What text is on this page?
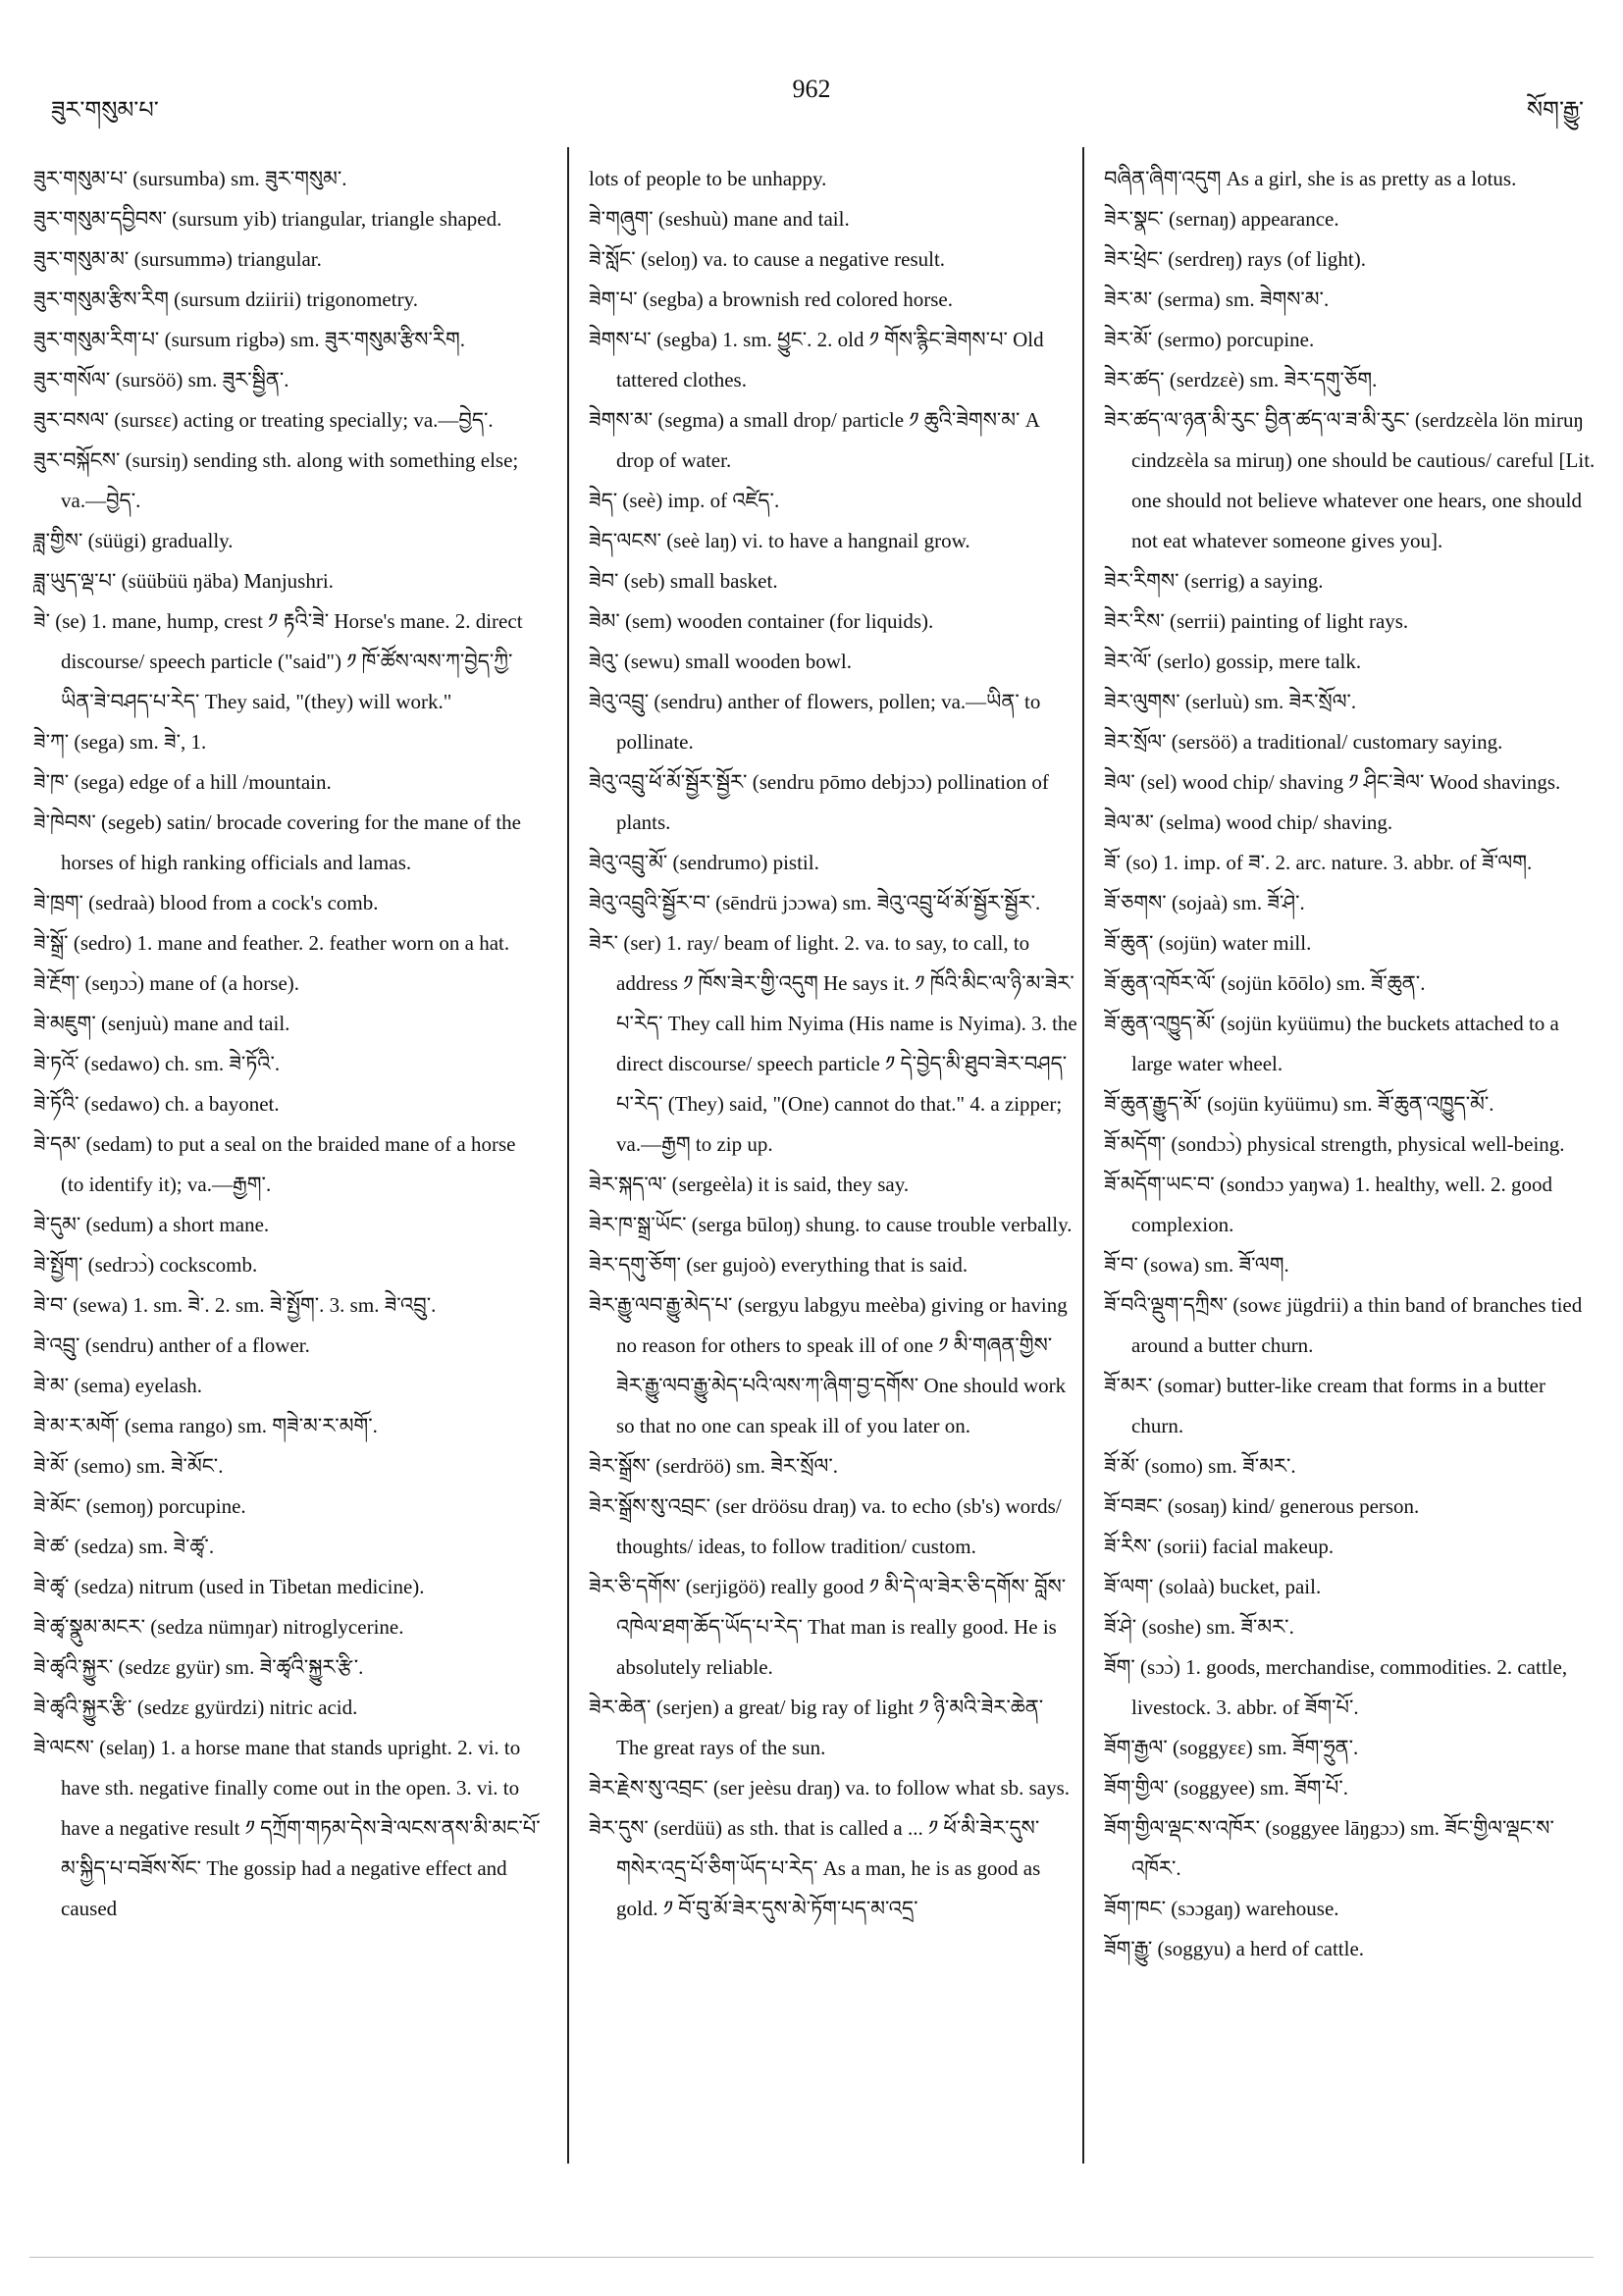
ཟུར་གསུམ་པ་
962
སོག་རྒྱུ་

ཟུར་གསུམ་པ་ (sursumba) sm. ཟུར་གསུམ་.

ཟུར་གསུམ་དབྱིབས་ (sursum yib) triangular, triangle shaped.

ཟུར་གསུམ་མ་ (sursummə) triangular.

ཟུར་གསུམ་རྩིས་རིག (sursum dziirii) trigonometry.

ཟུར་གསུམ་རིག་པ་ (sursum rigbə) sm. ཟུར་གསུམ་རྩིས་རིག.

ཟུར་གསོལ་ (sursöö) sm. ཟུར་སྦྱིན་.

ཟུར་བསལ་ (sursεε) acting or treating specially; va.—བྱེད་.

ཟུར་བསྐོངས་ (sursiŋ) sending sth. along with something else; va.—བྱེད་.

ཟླ་གྱིས་ (süügi) gradually.

ཟླ་ཡུད་ལྡ་པ་ (süübüü ŋäba) Manjushri.

ཟེ་ (se) 1. mane, hump, crest ༡ རྟའི་ཟེ་ Horse's mane. 2. direct discourse/ speech particle ("said") ༡ ཁོ་ཚོས་ལས་ཀ་བྱེད་ཀྱི་ཡིན་ཟེ་བཤད་པ་རེད་ They said, "(they) will work."

ཟེ་ཀ་ (sega) sm. ཟེ་, 1.

ཟེ་ཁ་ (sega) edge of a hill /mountain.

ཟེ་ཁེབས་ (segeb) satin/ brocade covering for the mane of the horses of high ranking officials and lamas.

ཟེ་ཁྲག་ (sedraà) blood from a cock's comb.

ཟེ་སྒྲོ་ (sedro) 1. mane and feather. 2. feather worn on a hat.

ཟེ་རྔོག་ (seŋɔɔ̀) mane of (a horse).

ཟེ་མཇུག་ (senjuù) mane and tail.

ཟེ་ཏའོ་ (sedawo) ch. sm. ཟེ་ཏོའི་.

ཟེ་ཏོའི་ (sedawo) ch. a bayonet.

ཟེ་དམ་ (sedam) to put a seal on the braided mane of a horse (to identify it); va.—རྒྱག་.

ཟེ་དུམ་ (sedum) a short mane.

ཟེ་སྤྱོག་ (sedrɔɔ̀) cockscomb.

ཟེ་བ་ (sewa) 1. sm. ཟེ་. 2. sm. ཟེ་སྤྱོག་. 3. sm. ཟེ་འབྲུ་.

ཟེ་འབྲུ་ (sendru) anther of a flower.

ཟེ་མ་ (sema) eyelash.

ཟེ་མ་ར་མགོ་ (sema rango) sm. གཟེ་མ་ར་མགོ་.

ཟེ་མོ་ (semo) sm. ཟེ་མོང་.

ཟེ་མོང་ (semoŋ) porcupine.

ཟེ་ཚ་ (sedza) sm. ཟེ་ཚྭ་.

ཟེ་ཚྭ་ (sedza) nitrum (used in Tibetan medicine).

ཟེ་ཚྭ་སྣུམ་མངར་ (sedza nümŋar) nitroglycerine.

ཟེ་ཚྭའི་སྐྱུར་ (sedzε gyür) sm. ཟེ་ཚྭའི་སྐྱུར་རྩི་.

ཟེ་ཚྭའི་སྐྱུར་རྩི་ (sedzε gyürdzi) nitric acid.

ཟེ་ལངས་ (selaŋ) 1. a horse mane that stands upright. 2. vi. to have sth. negative finally come out in the open. 3. vi. to have a negative result ༡ དཀྲོག་གཏམ་དེས་ཟེ་ལངས་ནས་མི་མང་པོ་མ་སྐྱིད་པ་བཟོས་སོང་ The gossip had a negative effect and caused

lots of people to be unhappy.

ཟེ་གཞུག་ (seshuù) mane and tail.

ཟེ་སློང་ (seloŋ) va. to cause a negative result.

ཟེག་པ་ (segba) a brownish red colored horse.

ཟེགས་པ་ (segba) 1. sm. ཕྱུང་. 2. old ༡ གོས་རྙིང་ཟེགས་པ་ Old tattered clothes.

ཟེགས་མ་ (segma) a small drop/ particle ༡ ཆུའི་ཟེགས་མ་ A drop of water.

ཟེད་ (seè) imp. of འཛེད་.

ཟེད་ལངས་ (seè laŋ) vi. to have a hangnail grow.

ཟེབ་ (seb) small basket.

ཟེམ་ (sem) wooden container (for liquids).

ཟེའུ་ (sewu) small wooden bowl.

ཟེའུ་འབྲུ་ (sendru) anther of flowers, pollen; va.—ཡིན་ to pollinate.

ཟེའུ་འབྲུ་ཕོ་མོ་སྦྱོར་སྦྱོར་ (sendru pōmo debjɔɔ) pollination of plants.

ཟེའུ་འབྲུ་མོ་ (sendrumo) pistil.

ཟེའུ་འབྲུའི་སྦྱོར་བ་ (sēndrü jɔɔwa) sm. ཟེའུ་འབྲུ་ཕོ་མོ་སྦྱོར་སྦྱོར་.

ཟེར་ (ser) 1. ray/ beam of light. 2. va. to say, to call, to address ༡ ཁོས་ཟེར་གྱི་འདུག He says it. ༡ ཁོའི་མིང་ལ་ཉི་མ་ཟེར་པ་རེད་ They call him Nyima (His name is Nyima). 3. the direct discourse/ speech particle ༡ དེ་བྱེད་མི་ཐུབ་ཟེར་བཤད་པ་རེད་ (They) said, "(One) cannot do that." 4. a zipper; va.—རྒྱག to zip up.

ཟེར་སྐད་ལ་ (sergeèla) it is said, they say.

ཟེར་ཁ་སྒྲ་ཡོང་ (serga būloŋ) shung. to cause trouble verbally.

ཟེར་དགུ་ཅོག་ (ser gujoò) everything that is said.

ཟེར་རྒྱུ་ལབ་རྒྱུ་མེད་པ་ (sergyu labgyu meèba) giving or having no reason for others to speak ill of one ༡ མི་གཞན་གྱིས་ཟེར་རྒྱུ་ལབ་རྒྱུ་མེད་པའི་ལས་ཀ་ཞིག་བྱ་དགོས་ One should work so that no one can speak ill of you later on.

ཟེར་སྒྲོས་ (serdröö) sm. ཟེར་སྲོལ་.

ཟེར་སྒྲོས་སུ་འབྲང་ (ser dröösu draŋ) va. to echo (sb's) words/ thoughts/ ideas, to follow tradition/ custom.

ཟེར་ཅི་དགོས་ (serjigöö) really good ༡ མི་དེ་ལ་ཟེར་ཅི་དགོས་ བློས་འཁེལ་ཐག་ཆོད་ཡོད་པ་རེད་ That man is really good. He is absolutely reliable.

ཟེར་ཆེན་ (serjen) a great/ big ray of light ༡ ཉི་མའི་ཟེར་ཆེན་ The great rays of the sun.

ཟེར་རྗེས་སུ་འབྲང་ (ser jeèsu draŋ) va. to follow what sb. says.

ཟེར་དུས་ (serdüü) as sth. that is called a ... ༡ ཕོ་མི་ཟེར་དུས་གསེར་འདྲ་པོ་ཅིག་ཡོད་པ་རེད་ As a man, he is as good as gold. ༡ བོ་བུ་མོ་ཟེར་དུས་མེ་ཏོག་པད་མ་འདྲ་

བཞིན་ཞིག་འདུག As a girl, she is as pretty as a lotus.

ཟེར་སྣང་ (sernaŋ) appearance.

ཟེར་ཕྲེང་ (serdreŋ) rays (of light).

ཟེར་མ་ (serma) sm. ཟེགས་མ་.

ཟེར་མོ་ (sermo) porcupine.

ཟེར་ཚད་ (serdzεè) sm. ཟེར་དགུ་ཅོག.

ཟེར་ཚད་ལ་ཉན་མི་རུང་ བྱིན་ཚད་ལ་ཟ་མི་རུང་ (serdzεèla lön miruŋ cindzεèla sa miruŋ) one should be cautious/ careful [Lit. one should not believe whatever one hears, one should not eat whatever someone gives you].

ཟེར་རིགས་ (serrig) a saying.

ཟེར་རིས་ (serrii) painting of light rays.

ཟེར་ལོ་ (serlo) gossip, mere talk.

ཟེར་ལུགས་ (serluù) sm. ཟེར་སྲོལ་.

ཟེར་སྲོལ་ (sersöö) a traditional/ customary saying.

ཟེལ་ (sel) wood chip/ shaving ༡ ཤིང་ཟེལ་ Wood shavings.

ཟེལ་མ་ (selma) wood chip/ shaving.

ཟོ་ (so) 1. imp. of ཟ་. 2. arc. nature. 3. abbr. of ཟོ་ལག.

ཟོ་ཅགས་ (sojaà) sm. ཟོ་ཤེ་.

ཟོ་ཆུན་ (sojün) water mill.

ཟོ་ཆུན་འཁོར་ལོ་ (sojün kōōlo) sm. ཟོ་ཆུན་.

ཟོ་ཆུན་འཁྱུད་མོ་ (sojün kyüümu) the buckets attached to a large water wheel.

ཟོ་ཆུན་རྒྱུད་མོ་ (sojün kyüümu) sm. ཟོ་ཆུན་འཁྱུད་མོ་.

ཟོ་མདོག་ (sondɔɔ̀) physical strength, physical well-being.

ཟོ་མདོག་ཡང་བ་ (sondɔɔ yaŋwa) 1. healthy, well. 2. good complexion.

ཟོ་བ་ (sowa) sm. ཟོ་ལག.

ཟོ་བའི་ལྡུག་དཀྲིས་ (sowε jügdrii) a thin band of branches tied around a butter churn.

ཟོ་མར་ (somar) butter-like cream that forms in a butter churn.

ཟོ་མོ་ (somo) sm. ཟོ་མར་.

ཟོ་བཟང་ (sosaŋ) kind/ generous person.

ཟོ་རིས་ (sorii) facial makeup.

ཟོ་ལག་ (solaà) bucket, pail.

ཟོ་ཤེ་ (soshe) sm. ཟོ་མར་.

ཟོག་ (sɔɔ̀) 1. goods, merchandise, commodities. 2. cattle, livestock. 3. abbr. of ཟོག་པོ་.

ཟོག་རྒྱལ་ (soggyεε) sm. ཟོག་ཧྲུན་.

ཟོག་གྱིལ་ (soggyee) sm. ཟོག་པོ་.

ཟོག་གྱིལ་ལྡང་ས་འཁོར་ (soggyee lāŋgɔɔ) sm. ཟོང་གྱིལ་ལྡང་ས་འཁོར་.

ཟོག་ཁང་ (sɔɔgaŋ) warehouse.

ཟོག་རྒྱུ་ (soggyu) a herd of cattle.
